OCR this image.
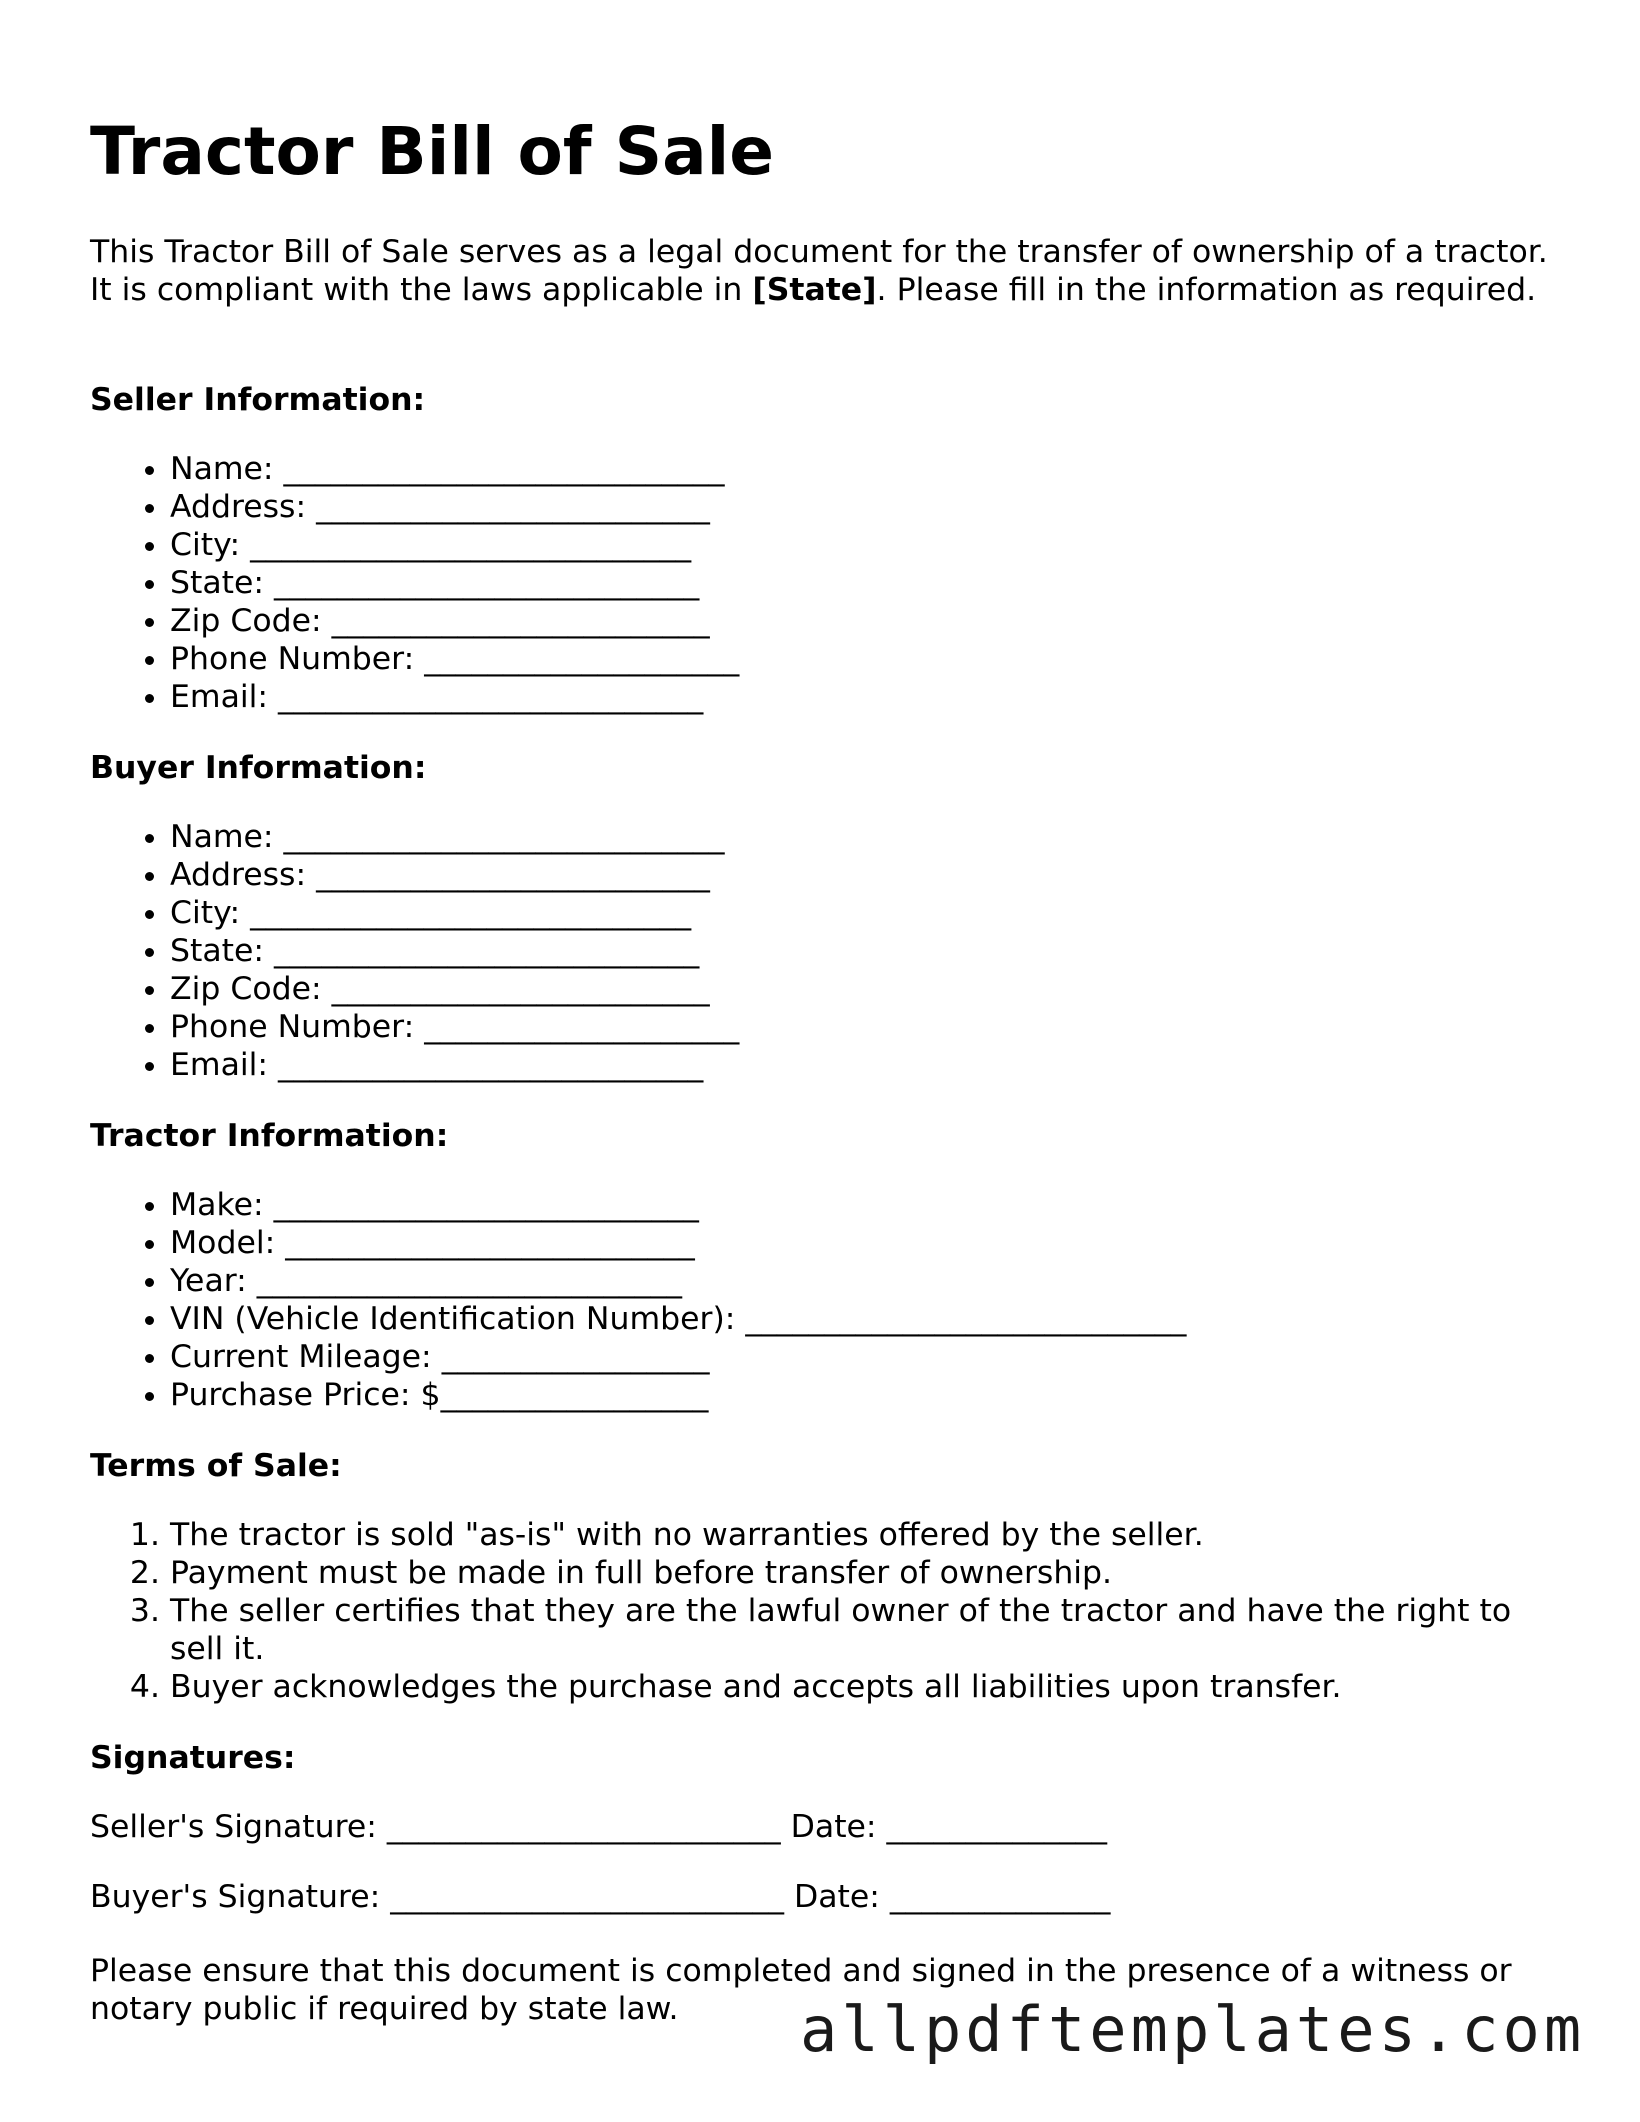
Tractor Bill of Sale

This Tractor Bill of Sale serves as a legal document for the transfer of ownership of a tractor. It is compliant with the laws applicable in [State]. Please fill in the information as required.

Seller Information:
• Name: ____________________________
• Address: _________________________
• City: ____________________________
• State: ___________________________
• Zip Code: ________________________
• Phone Number: ____________________
• Email: ___________________________
Buyer Information:
• Name: ____________________________
• Address: _________________________
• City: ____________________________
• State: ___________________________
• Zip Code: ________________________
• Phone Number: ____________________
• Email: ___________________________
Tractor Information:
• Make: ___________________________
• Model: __________________________
• Year: ___________________________
• VIN (Vehicle Identification Number): ____________________________
• Current Mileage: _________________
• Purchase Price: $_________________
Terms of Sale:
1. The tractor is sold "as-is" with no warranties offered by the seller.
2. Payment must be made in full before transfer of ownership.
3. The seller certifies that they are the lawful owner of the tractor and have the right to sell it.
4. Buyer acknowledges the purchase and accepts all liabilities upon transfer.
Signatures:

Seller's Signature: _________________________ Date: ______________

Buyer's Signature: _________________________ Date: ______________

Please ensure that this document is completed and signed in the presence of a witness or notary public if required by state law.	allpdftemplates.com
